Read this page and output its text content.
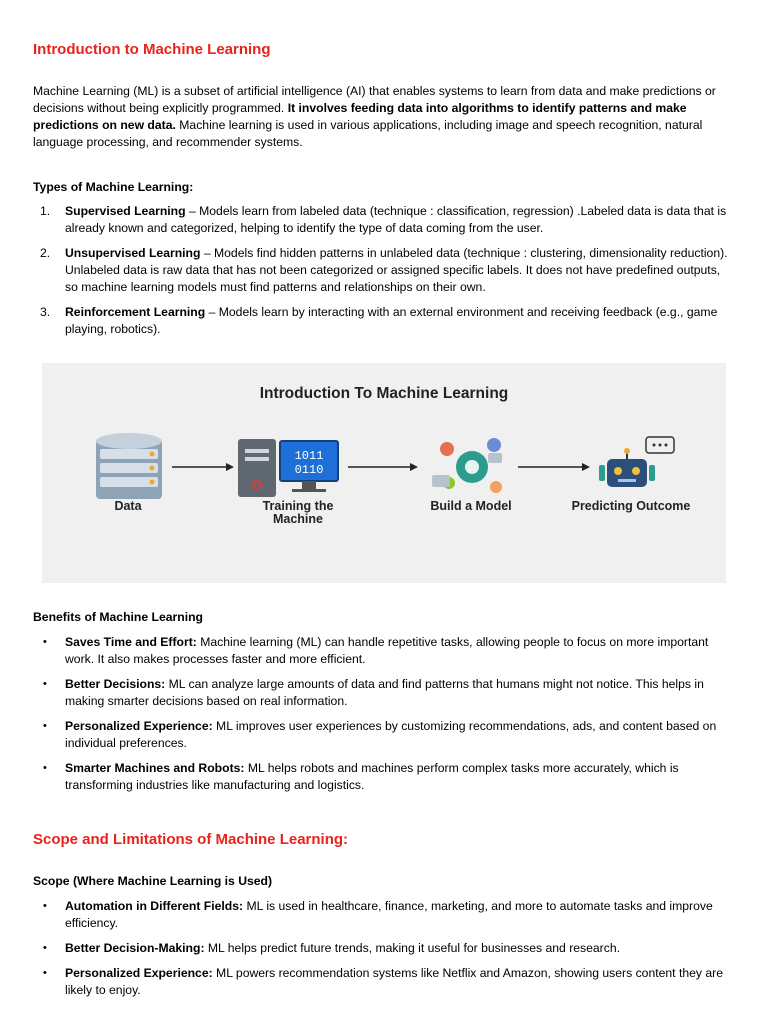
Introduction to Machine Learning
Machine Learning (ML) is a subset of artificial intelligence (AI) that enables systems to learn from data and make predictions or decisions without being explicitly programmed. It involves feeding data into algorithms to identify patterns and make predictions on new data. Machine learning is used in various applications, including image and speech recognition, natural language processing, and recommender systems.
Types of Machine Learning:
1. Supervised Learning – Models learn from labeled data (technique : classification, regression) .Labeled data is data that is already known and categorized, helping to identify the type of data coming from the user.
2. Unsupervised Learning – Models find hidden patterns in unlabeled data (technique : clustering, dimensionality reduction). Unlabeled data is raw data that has not been categorized or assigned specific labels. It does not have predefined outputs, so machine learning models must find patterns and relationships on their own.
3. Reinforcement Learning – Models learn by interacting with an external environment and receiving feedback (e.g., game playing, robotics).
Introduction To Machine Learning
1011
0110
Data	Training the Machine
Build a Model	Predicting Outcome
Benefits of Machine Learning
• Saves Time and Effort: Machine learning (ML) can handle repetitive tasks, allowing people to focus on more important work. It also makes processes faster and more efficient.
• Better Decisions: ML can analyze large amounts of data and find patterns that humans might not notice. This helps in making smarter decisions based on real information.
• Personalized Experience: ML improves user experiences by customizing recommendations, ads, and content based on individual preferences.
• Smarter Machines and Robots: ML helps robots and machines perform complex tasks more accurately, which is transforming industries like manufacturing and logistics.
Scope and Limitations of Machine Learning:
Scope (Where Machine Learning is Used)
• Automation in Different Fields: ML is used in healthcare, finance, marketing, and more to automate tasks and improve efficiency.
• Better Decision-Making: ML helps predict future trends, making it useful for businesses and research.
• Personalized Experience: ML powers recommendation systems like Netflix and Amazon, showing users content they are likely to enjoy.
